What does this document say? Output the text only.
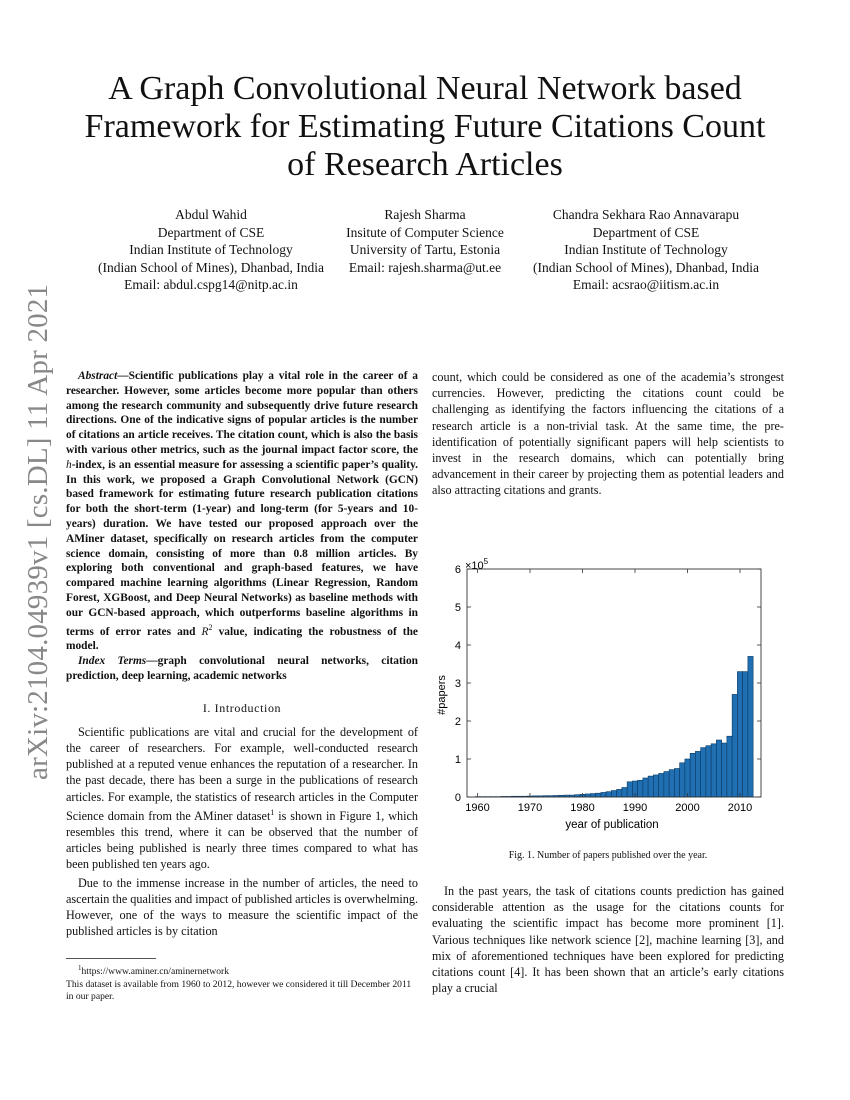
arXiv:2104.04939v1 [cs.DL] 11 Apr 2021
A Graph Convolutional Neural Network based
Framework for Estimating Future Citations Count
of Research Articles
Abdul Wahid
Department of CSE
Indian Institute of Technology
(Indian School of Mines), Dhanbad, India
Email: abdul.cspg14@nitp.ac.in
Rajesh Sharma
Insitute of Computer Science
University of Tartu, Estonia
Email: rajesh.sharma@ut.ee
Chandra Sekhara Rao Annavarapu
Department of CSE
Indian Institute of Technology
(Indian School of Mines), Dhanbad, India
Email: acsrao@iitism.ac.in

Abstract—Scientific publications play a vital role in the career of a researcher. However, some articles become more popular than others among the research community and subsequently drive future research directions. One of the indicative signs of popular articles is the number of citations an article receives. The citation count, which is also the basis with various other metrics, such as the journal impact factor score, the h-index, is an essential measure for assessing a scientific paper’s quality. In this work, we proposed a Graph Convolutional Network (GCN) based framework for estimating future research publication citations for both the short-term (1-year) and long-term (for 5-years and 10-years) duration. We have tested our proposed approach over the AMiner dataset, specifically on research articles from the computer science domain, consisting of more than 0.8 million articles. By exploring both conventional and graph-based features, we have compared machine learning algorithms (Linear Regression, Random Forest, XGBoost, and Deep Neural Networks) as baseline methods with our GCN-based approach, which outperforms baseline algorithms in terms of error rates and $R^2$ value, indicating the robustness of the model.

Index Terms—graph convolutional neural networks, citation prediction, deep learning, academic networks

I. Introduction

Scientific publications are vital and crucial for the development of the career of researchers. For example, well-conducted research published at a reputed venue enhances the reputation of a researcher. In the past decade, there has been a surge in the publications of research articles. For example, the statistics of research articles in the Computer Science domain from the AMiner dataset$^1$ is shown in Figure 1, which resembles this trend, where it can be observed that the number of articles being published is nearly three times compared to what has been published ten years ago.

Due to the immense increase in the number of articles, the need to ascertain the qualities and impact of published articles is overwhelming. However, one of the ways to measure the scientific impact of the published articles is by citation

$^1$https://www.aminer.cn/aminernetwork
This dataset is available from 1960 to 2012, however we considered it till December 2011 in our paper.

count, which could be considered as one of the academia’s strongest currencies. However, predicting the citations count could be challenging as identifying the factors influencing the citations of a research article is a non-trivial task. At the same time, the pre-identification of potentially significant papers will help scientists to invest in the research domains, which can potentially bring advancement in their career by projecting them as potential leaders and also attracting citations and grants.

0
1
2
3
4
5
6
1960	1970	1980	1990	2000	2010
$\times 10^5$
#papers
year of publication
Fig. 1. Number of papers published over the year.

In the past years, the task of citations counts prediction has gained considerable attention as the usage for the citations counts for evaluating the scientific impact has become more prominent [1]. Various techniques like network science [2], machine learning [3], and mix of aforementioned techniques have been explored for predicting citations count [4]. It has been shown that an article’s early citations play a crucial
